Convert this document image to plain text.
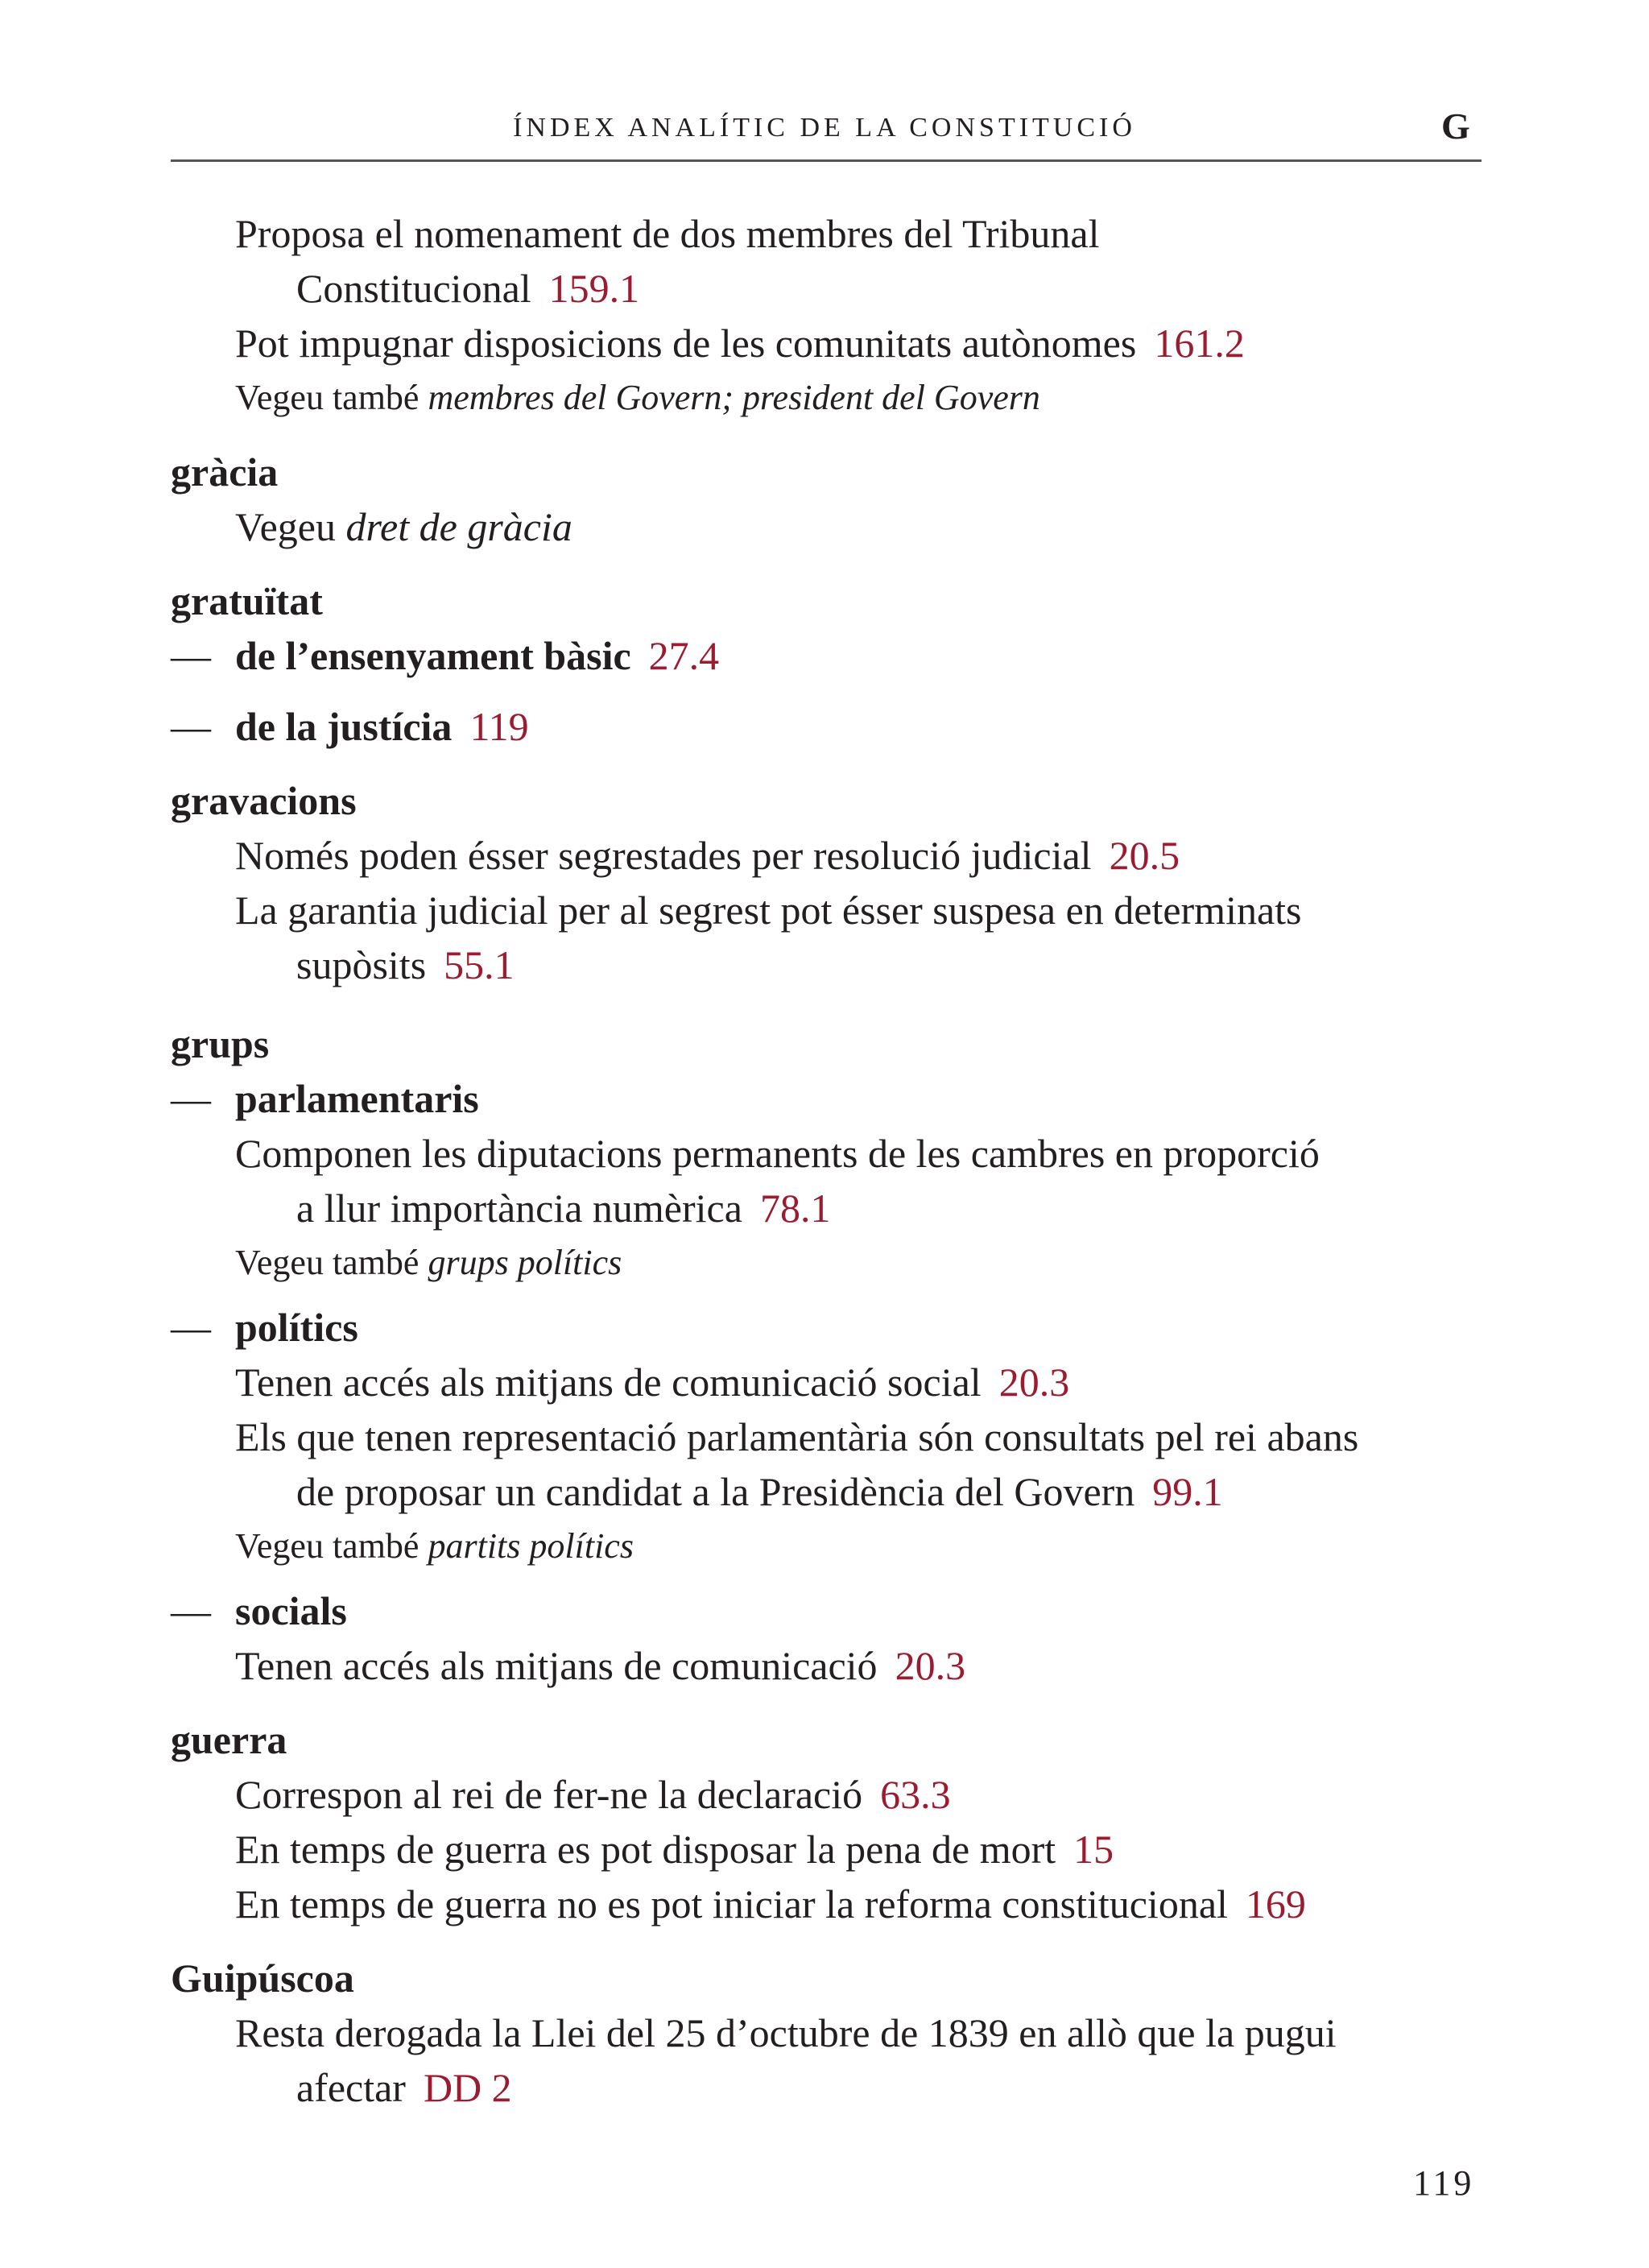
ÍNDEX ANALÍTIC DE LA CONSTITUCIÓ	G
Proposa el nomenament de dos membres del Tribunal
Constitucional 159.1
Pot impugnar disposicions de les comunitats autònomes 161.2
Vegeu també membres del Govern; president del Govern
gràcia
Vegeu dret de gràcia
gratuïtat
— de l’ensenyament bàsic 27.4
— de la justícia 119
gravacions
Només poden ésser segrestades per resolució judicial 20.5
La garantia judicial per al segrest pot ésser suspesa en determinats
supòsits 55.1
grups
— parlamentaris
Componen les diputacions permanents de les cambres en proporció
a llur importància numèrica 78.1
Vegeu també grups polítics
— polítics
Tenen accés als mitjans de comunicació social 20.3
Els que tenen representació parlamentària són consultats pel rei abans
de proposar un candidat a la Presidència del Govern 99.1
Vegeu també partits polítics
— socials
Tenen accés als mitjans de comunicació 20.3
guerra
Correspon al rei de fer-ne la declaració 63.3
En temps de guerra es pot disposar la pena de mort 15
En temps de guerra no es pot iniciar la reforma constitucional 169
Guipúscoa
Resta derogada la Llei del 25 d’octubre de 1839 en allò que la pugui
afectar DD 2
119
